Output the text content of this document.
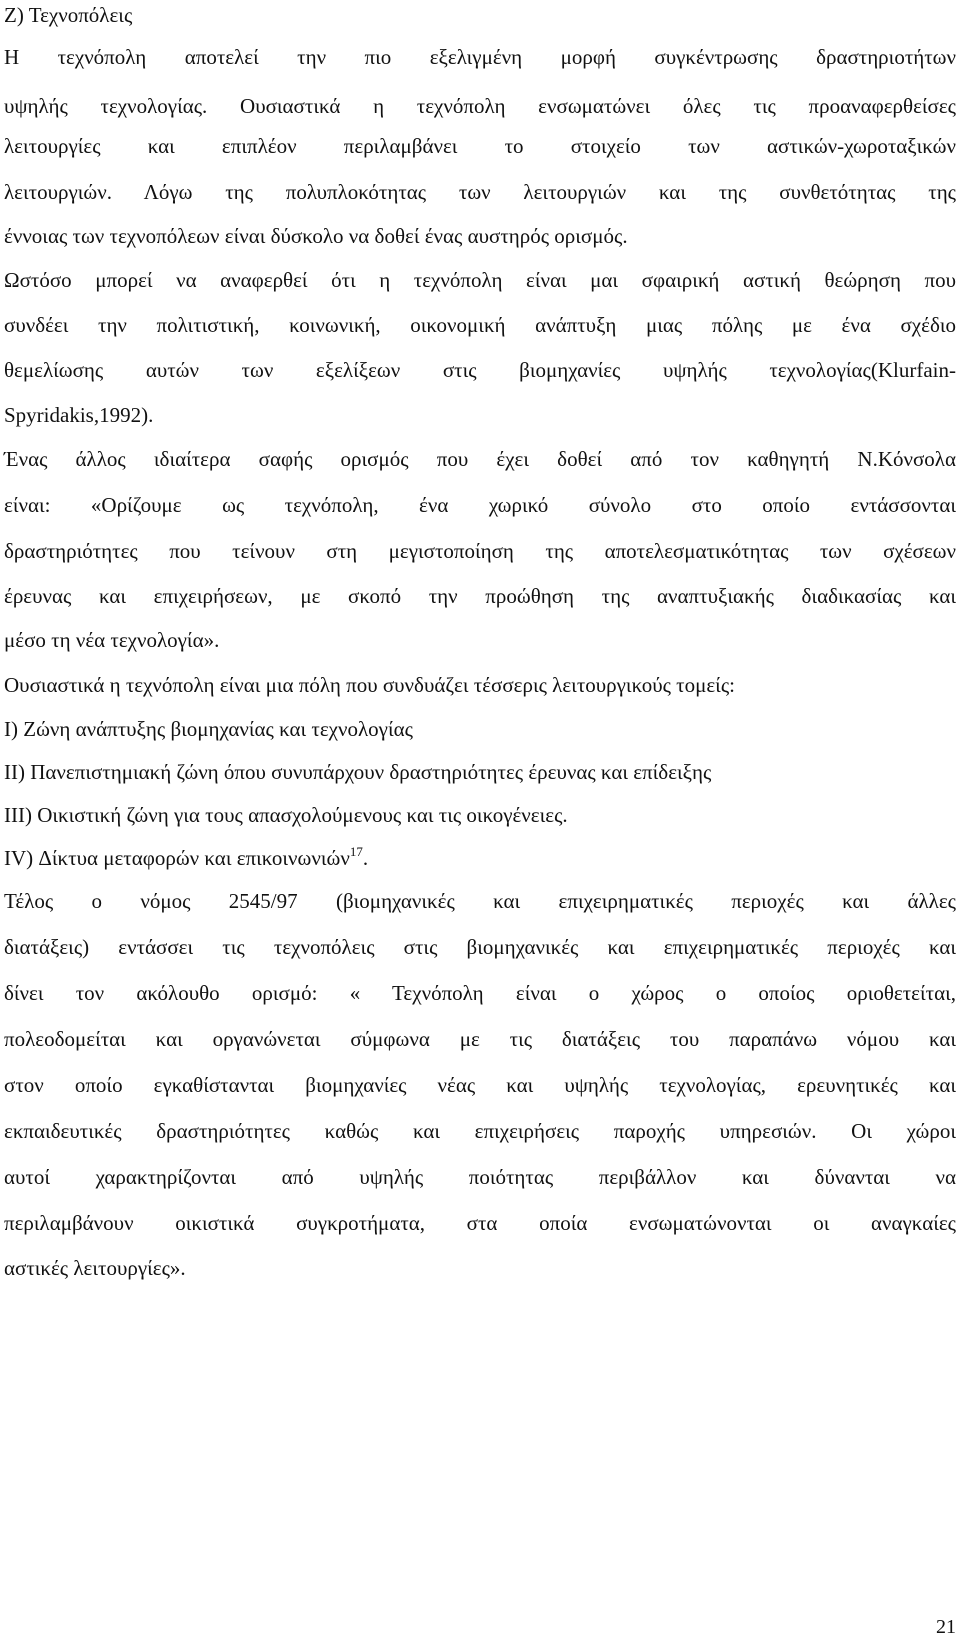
Ζ) Τεχνοπόλεις
Η τεχνόπολη αποτελεί την πιο εξελιγμένη μορφή συγκέντρωσης δραστηριοτήτων
υψηλής τεχνολογίας. Ουσιαστικά η τεχνόπολη ενσωματώνει όλες τις προαναφερθείσες
λειτουργίες και επιπλέον περιλαμβάνει το στοιχείο των αστικών-χωροταξικών
λειτουργιών. Λόγω της πολυπλοκότητας των λειτουργιών και της συνθετότητας της
έννοιας των τεχνοπόλεων είναι δύσκολο να δοθεί ένας αυστηρός ορισμός.
Ωστόσο μπορεί να αναφερθεί ότι η τεχνόπολη είναι μαι σφαιρική αστική θεώρηση που
συνδέει την πολιτιστική, κοινωνική, οικονομική ανάπτυξη μιας πόλης με ένα σχέδιο
θεμελίωσης αυτών των εξελίξεων στις βιομηχανίες υψηλής τεχνολογίας(Klurfain-
Spyridakis,1992).
Ένας άλλος ιδιαίτερα σαφής ορισμός που έχει δοθεί από τον καθηγητή Ν.Κόνσολα
είναι: «Ορίζουμε ως τεχνόπολη, ένα χωρικό σύνολο στο οποίο εντάσσονται
δραστηριότητες που τείνουν στη μεγιστοποίηση της αποτελεσματικότητας των σχέσεων
έρευνας και επιχειρήσεων, με σκοπό την προώθηση της αναπτυξιακής διαδικασίας και
μέσο τη νέα τεχνολογία».
Ουσιαστικά η τεχνόπολη είναι μια πόλη που συνδυάζει τέσσερις λειτουργικούς τομείς:
Ι) Ζώνη ανάπτυξης βιομηχανίας και τεχνολογίας
ΙΙ) Πανεπιστημιακή ζώνη όπου συνυπάρχουν δραστηριότητες έρευνας και επίδειξης
ΙΙΙ) Οικιστική ζώνη για τους απασχολούμενους και τις οικογένειες.
IV) Δίκτυα μεταφορών και επικοινωνιών$^{17}$.
Τέλος ο νόμος 2545/97 (βιομηχανικές και επιχειρηματικές περιοχές και άλλες
διατάξεις) εντάσσει τις τεχνοπόλεις στις βιομηχανικές και επιχειρηματικές περιοχές και
δίνει τον ακόλουθο ορισμό: « Τεχνόπολη είναι ο χώρος ο οποίος οριοθετείται,
πολεοδομείται και οργανώνεται σύμφωνα με τις διατάξεις του παραπάνω νόμου και
στον οποίο εγκαθίστανται βιομηχανίες νέας και υψηλής τεχνολογίας, ερευνητικές και
εκπαιδευτικές δραστηριότητες καθώς και επιχειρήσεις παροχής υπηρεσιών. Οι χώροι
αυτοί χαρακτηρίζονται από υψηλής ποιότητας περιβάλλον και δύνανται να
περιλαμβάνουν οικιστικά συγκροτήματα, στα οποία ενσωματώνονται οι αναγκαίες
αστικές λειτουργίες».
21
